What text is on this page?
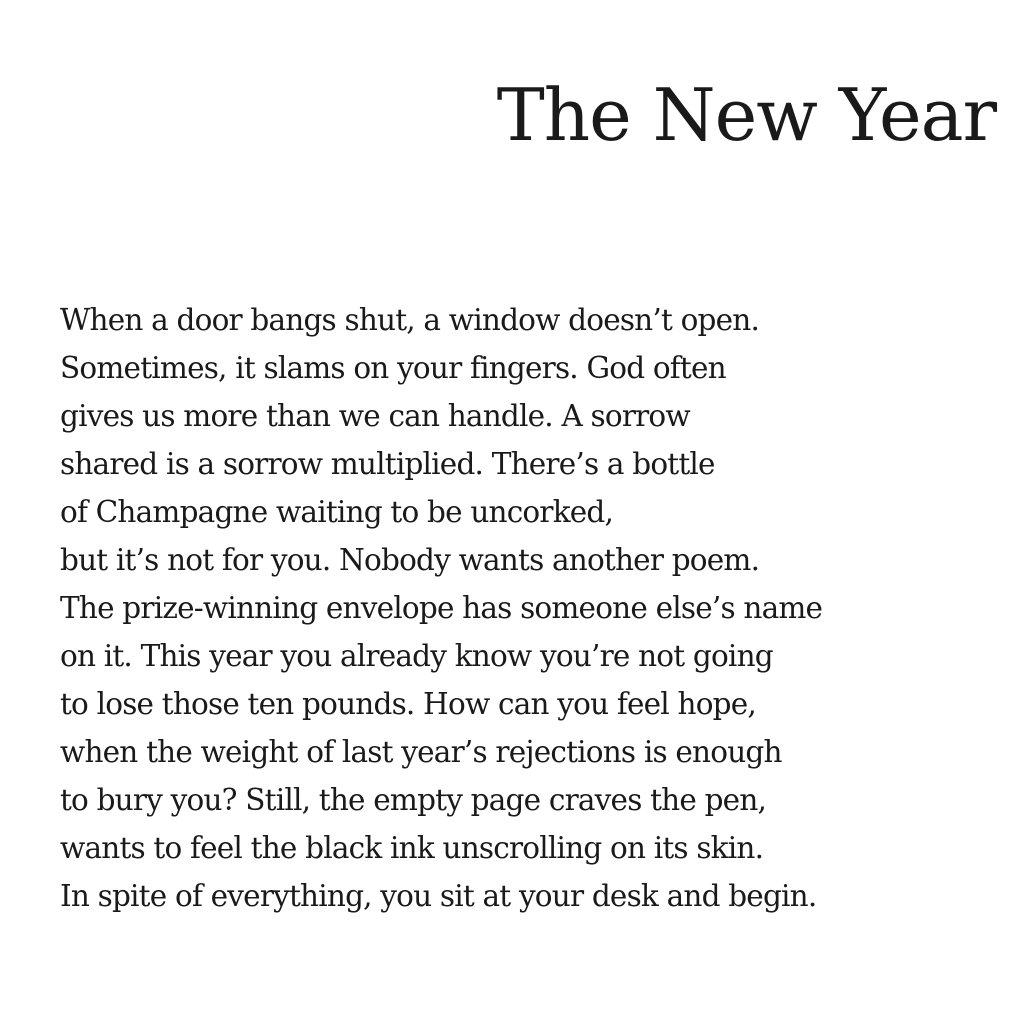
The New Year
When a door bangs shut, a window doesn’t open.
Sometimes, it slams on your fingers. God often
gives us more than we can handle. A sorrow
shared is a sorrow multiplied. There’s a bottle
of Champagne waiting to be uncorked,
but it’s not for you. Nobody wants another poem.
The prize-winning envelope has someone else’s name
on it. This year you already know you’re not going
to lose those ten pounds. How can you feel hope,
when the weight of last year’s rejections is enough
to bury you? Still, the empty page craves the pen,
wants to feel the black ink unscrolling on its skin.
In spite of everything, you sit at your desk and begin.
